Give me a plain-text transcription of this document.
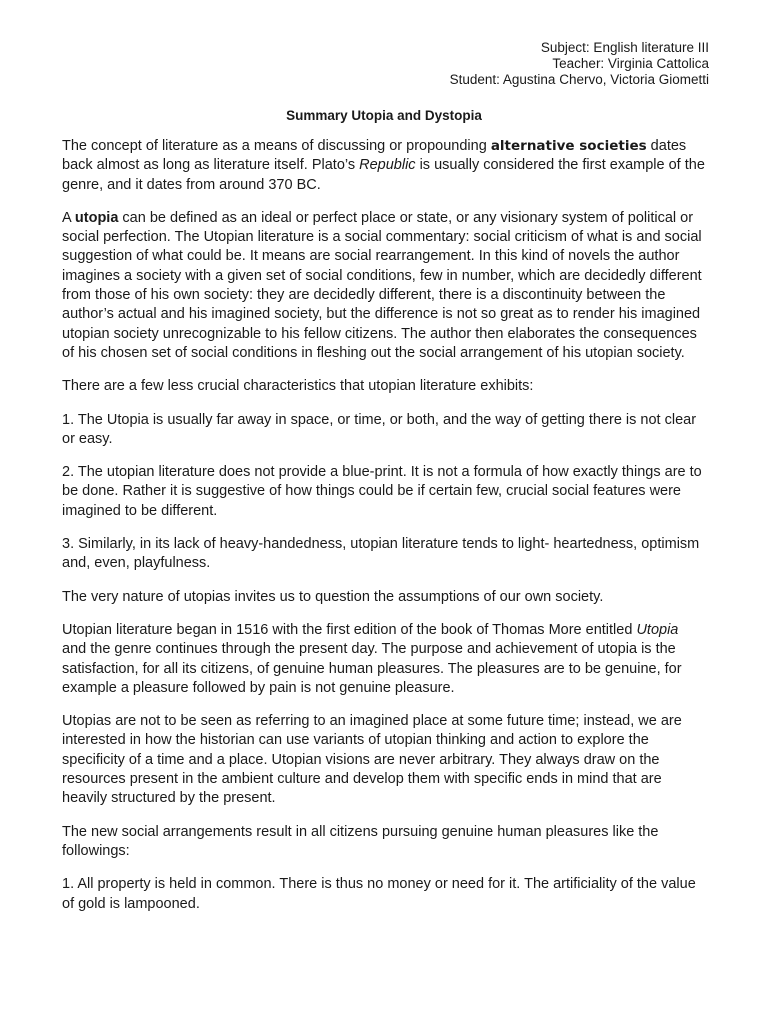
Subject: English literature III
Teacher: Virginia Cattolica
Student: Agustina Chervo, Victoria Giometti
Summary Utopia and Dystopia

The concept of literature as a means of discussing or propounding alternative societies dates back almost as long as literature itself. Plato’s Republic is usually considered the first example of the genre, and it dates from around 370 BC.

A utopia can be defined as an ideal or perfect place or state, or any visionary system of political or social perfection. The Utopian literature is a social commentary: social criticism of what is and social suggestion of what could be. It means are social rearrangement. In this kind of novels the author imagines a society with a given set of social conditions, few in number, which are decidedly different from those of his own society: they are decidedly different, there is a discontinuity between the author’s actual and his imagined society, but the difference is not so great as to render his imagined utopian society unrecognizable to his fellow citizens. The author then elaborates the consequences of his chosen set of social conditions in fleshing out the social arrangement of his utopian society.

There are a few less crucial characteristics that utopian literature exhibits:

1. The Utopia is usually far away in space, or time, or both, and the way of getting there is not clear or easy.

2. The utopian literature does not provide a blue-print. It is not a formula of how exactly things are to be done. Rather it is suggestive of how things could be if certain few, crucial social features were imagined to be different.

3. Similarly, in its lack of heavy-handedness, utopian literature tends to light- heartedness, optimism and, even, playfulness.

The very nature of utopias invites us to question the assumptions of our own society.

Utopian literature began in 1516 with the first edition of the book of Thomas More entitled Utopia and the genre continues through the present day. The purpose and achievement of utopia is the satisfaction, for all its citizens, of genuine human pleasures. The pleasures are to be genuine, for example a pleasure followed by pain is not genuine pleasure.

Utopias are not to be seen as referring to an imagined place at some future time; instead, we are interested in how the historian can use variants of utopian thinking and action to explore the specificity of a time and a place. Utopian visions are never arbitrary. They always draw on the resources present in the ambient culture and develop them with specific ends in mind that are heavily structured by the present.

The new social arrangements result in all citizens pursuing genuine human pleasures like the followings:

1. All property is held in common. There is thus no money or need for it. The artificiality of the value of gold is lampooned.
